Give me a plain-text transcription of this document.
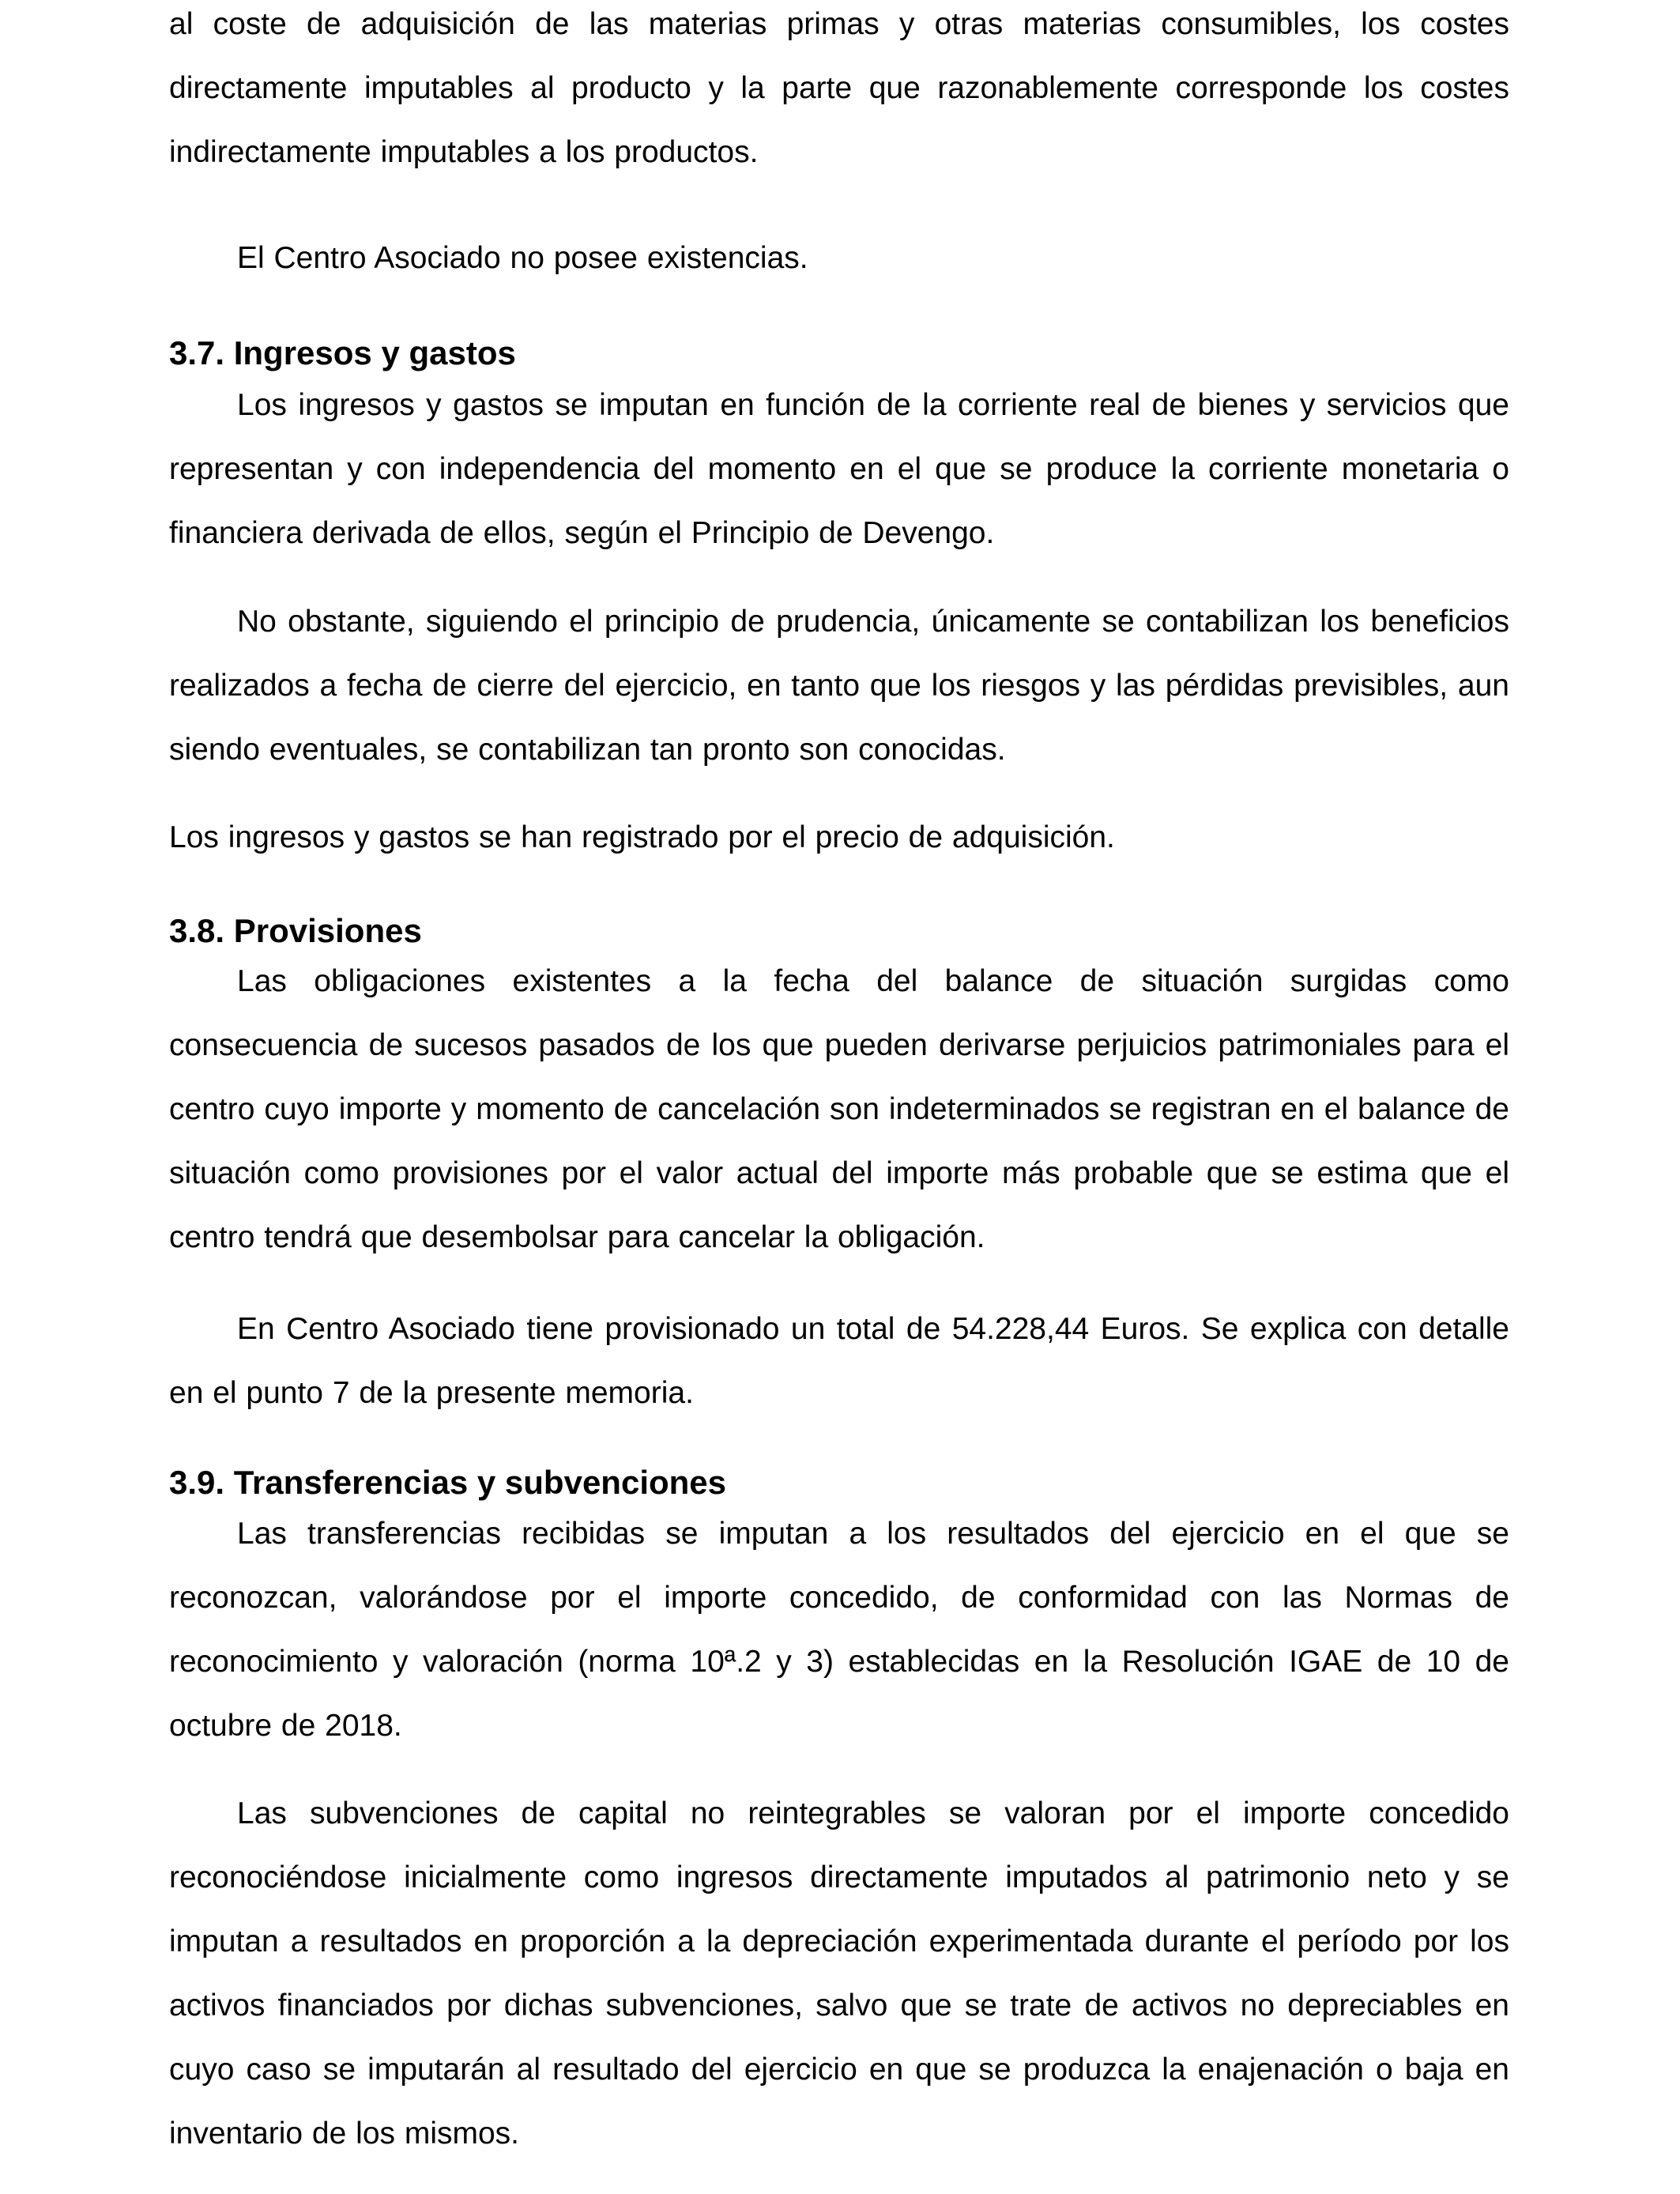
al coste de adquisición de las materias primas y otras materias consumibles, los costes directamente imputables al producto y la parte que razonablemente corresponde los costes indirectamente imputables a los productos.

El Centro Asociado no posee existencias.

3.7. Ingresos y gastos

Los ingresos y gastos se imputan en función de la corriente real de bienes y servicios que representan y con independencia del momento en el que se produce la corriente monetaria o financiera derivada de ellos, según el Principio de Devengo.

No obstante, siguiendo el principio de prudencia, únicamente se contabilizan los beneficios realizados a fecha de cierre del ejercicio, en tanto que los riesgos y las pérdidas previsibles, aun siendo eventuales, se contabilizan tan pronto son conocidas.

Los ingresos y gastos se han registrado por el precio de adquisición.

3.8. Provisiones

Las obligaciones existentes a la fecha del balance de situación surgidas como consecuencia de sucesos pasados de los que pueden derivarse perjuicios patrimoniales para el centro cuyo importe y momento de cancelación son indeterminados se registran en el balance de situación como provisiones por el valor actual del importe más probable que se estima que el centro tendrá que desembolsar para cancelar la obligación.

En Centro Asociado tiene provisionado un total de 54.228,44 Euros. Se explica con detalle en el punto 7 de la presente memoria.

3.9. Transferencias y subvenciones

Las transferencias recibidas se imputan a los resultados del ejercicio en el que se reconozcan, valorándose por el importe concedido, de conformidad con las Normas de reconocimiento y valoración (norma 10ª.2 y 3) establecidas en la Resolución IGAE de 10 de octubre de 2018.

Las subvenciones de capital no reintegrables se valoran por el importe concedido reconociéndose inicialmente como ingresos directamente imputados al patrimonio neto y se imputan a resultados en proporción a la depreciación experimentada durante el período por los activos financiados por dichas subvenciones, salvo que se trate de activos no depreciables en cuyo caso se imputarán al resultado del ejercicio en que se produzca la enajenación o baja en inventario de los mismos.
